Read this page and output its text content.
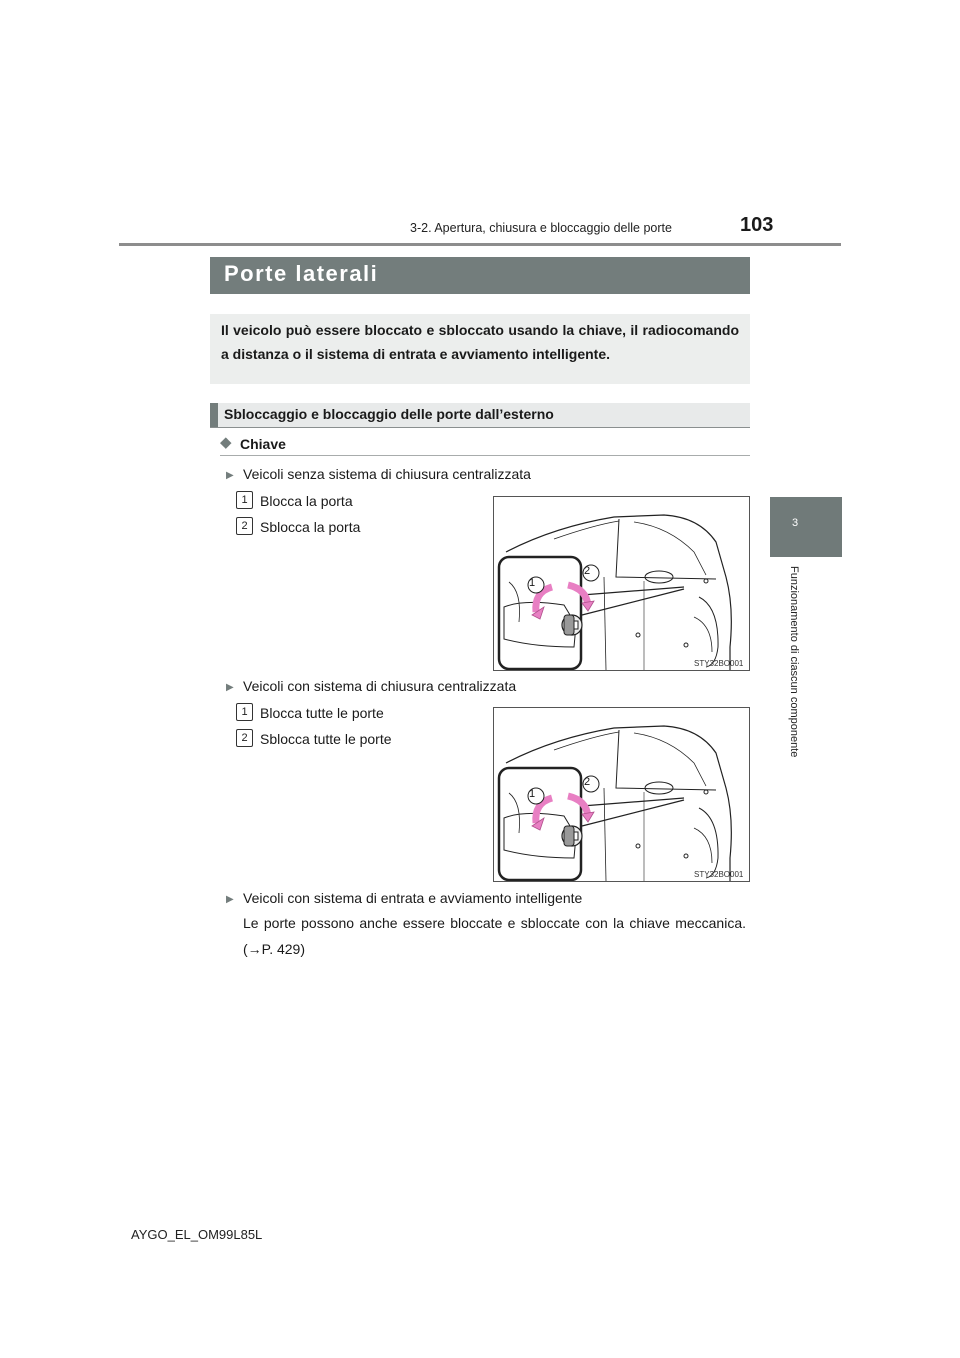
3-2. Apertura, chiusura e bloccaggio delle porte	103
3
Funzionamento di ciascun componente
Porte laterali
Il veicolo può essere bloccato e sbloccato usando la chiave, il radiocomando a distanza o il sistema di entrata e avviamento intelligente.
Sbloccaggio e bloccaggio delle porte dall’esterno
◆ Chiave
▶ Veicoli senza sistema di chiusura centralizzata
1 Blocca la porta
2 Sblocca la porta
1
2
STY32BO001
▶ Veicoli con sistema di chiusura centralizzata
1 Blocca tutte le porte
2 Sblocca tutte le porte
1
2
STY32BO001
▶ Veicoli con sistema di entrata e avviamento intelligente
Le porte possono anche essere bloccate e sbloccate con la chiave meccanica. (→P. 429)
AYGO_EL_OM99L85L
